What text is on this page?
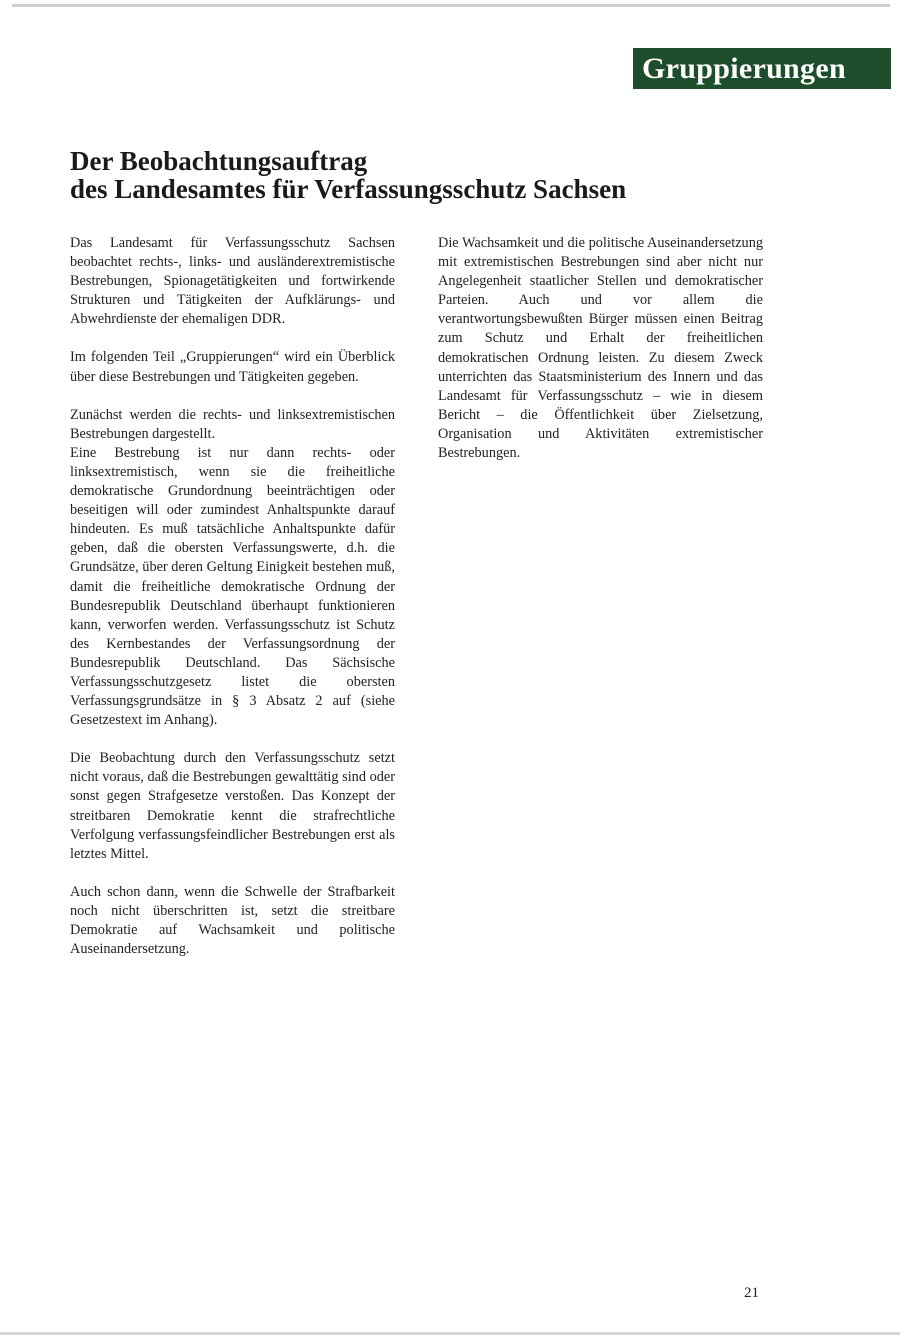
Gruppierungen
Der Beobachtungsauftrag
des Landesamtes für Verfassungsschutz Sachsen

Das Landesamt für Verfassungsschutz Sachsen beobachtet rechts-, links- und ausländerextremistische Bestrebungen, Spionagetätigkeiten und fortwirkende Strukturen und Tätigkeiten der Aufklärungs- und Abwehrdienste der ehemaligen DDR.

Im folgenden Teil „Gruppierungen“ wird ein Überblick über diese Bestrebungen und Tätigkeiten gegeben.

Zunächst werden die rechts- und linksextremistischen Bestrebungen dargestellt.

Eine Bestrebung ist nur dann rechts- oder linksextremistisch, wenn sie die freiheitliche demokratische Grundordnung beeinträchtigen oder beseitigen will oder zumindest Anhaltspunkte darauf hindeuten. Es muß tatsächliche Anhaltspunkte dafür geben, daß die obersten Verfassungswerte, d.h. die Grundsätze, über deren Geltung Einigkeit bestehen muß, damit die freiheitliche demokratische Ordnung der Bundesrepublik Deutschland überhaupt funktionieren kann, verworfen werden. Verfassungsschutz ist Schutz des Kernbestandes der Verfassungsordnung der Bundesrepublik Deutschland. Das Sächsische Verfassungsschutzgesetz listet die obersten Verfassungsgrundsätze in § 3 Absatz 2 auf (siehe Gesetzestext im Anhang).

Die Beobachtung durch den Verfassungsschutz setzt nicht voraus, daß die Bestrebungen gewalttätig sind oder sonst gegen Strafgesetze verstoßen. Das Konzept der streitbaren Demokratie kennt die strafrechtliche Verfolgung verfassungsfeindlicher Bestrebungen erst als letztes Mittel.

Auch schon dann, wenn die Schwelle der Strafbarkeit noch nicht überschritten ist, setzt die streitbare Demokratie auf Wachsamkeit und politische Auseinandersetzung.

Die Wachsamkeit und die politische Auseinandersetzung mit extremistischen Bestrebungen sind aber nicht nur Angelegenheit staatlicher Stellen und demokratischer Parteien. Auch und vor allem die verantwortungsbewußten Bürger müssen einen Beitrag zum Schutz und Erhalt der freiheitlichen demokratischen Ordnung leisten. Zu diesem Zweck unterrichten das Staatsministerium des Innern und das Landesamt für Verfassungsschutz – wie in diesem Bericht – die Öffentlichkeit über Zielsetzung, Organisation und Aktivitäten extremistischer Bestrebungen.

21
